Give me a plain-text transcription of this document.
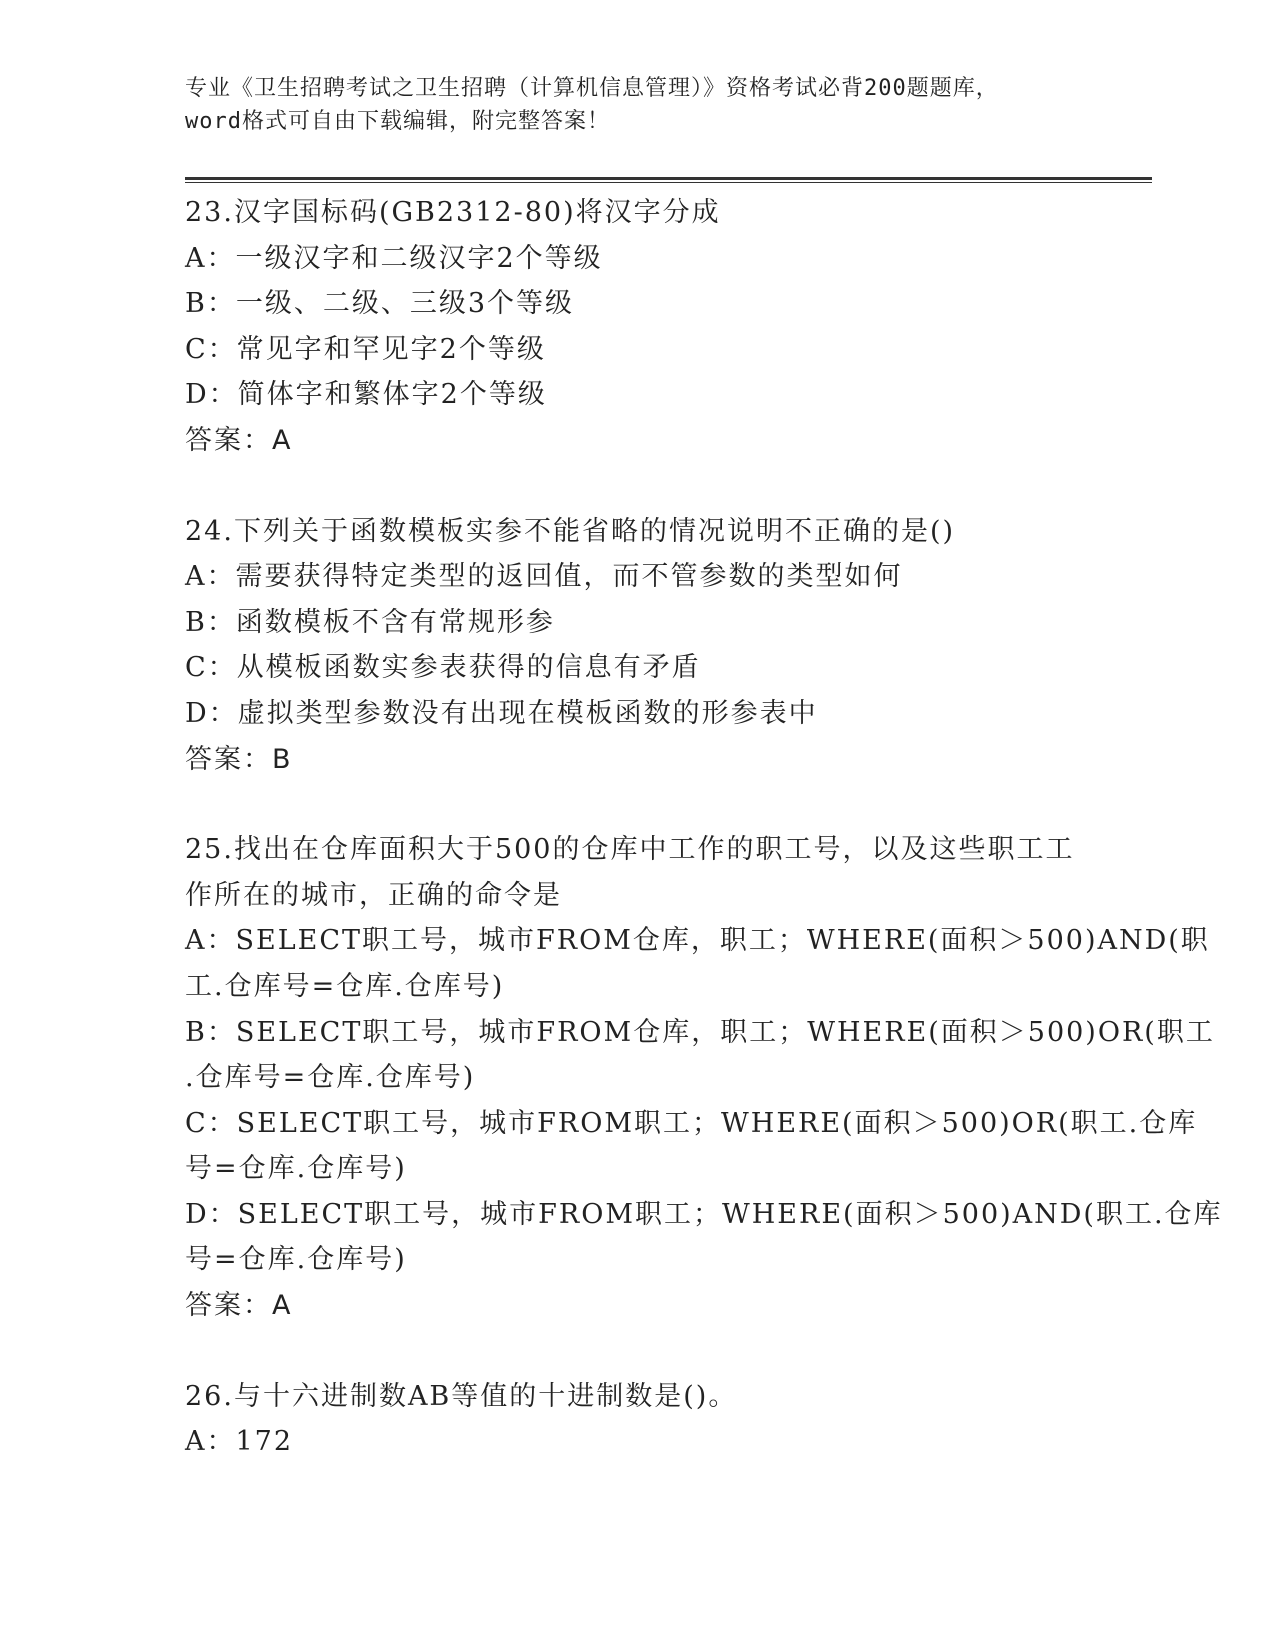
专业《卫生招聘考试之卫生招聘（计算机信息管理）》资格考试必背200题题库，
word格式可自由下载编辑，附完整答案！
23.汉字国标码(GB2312-80)将汉字分成
A：一级汉字和二级汉字2个等级
B：一级、二级、三级3个等级
C：常见字和罕见字2个等级
D：简体字和繁体字2个等级
答案：A
24.下列关于函数模板实参不能省略的情况说明不正确的是()
A：需要获得特定类型的返回值，而不管参数的类型如何
B：函数模板不含有常规形参
C：从模板函数实参表获得的信息有矛盾
D：虚拟类型参数没有出现在模板函数的形参表中
答案：B
25.找出在仓库面积大于500的仓库中工作的职工号，以及这些职工工
作所在的城市，正确的命令是
A：SELECT职工号，城市FROM仓库，职工；WHERE(面积＞500)AND(职
工.仓库号=仓库.仓库号)
B：SELECT职工号，城市FROM仓库，职工；WHERE(面积＞500)OR(职工
.仓库号=仓库.仓库号)
C：SELECT职工号，城市FROM职工；WHERE(面积＞500)OR(职工.仓库
号=仓库.仓库号)
D：SELECT职工号，城市FROM职工；WHERE(面积＞500)AND(职工.仓库
号=仓库.仓库号)
答案：A
26.与十六进制数AB等值的十进制数是()。
A：172
